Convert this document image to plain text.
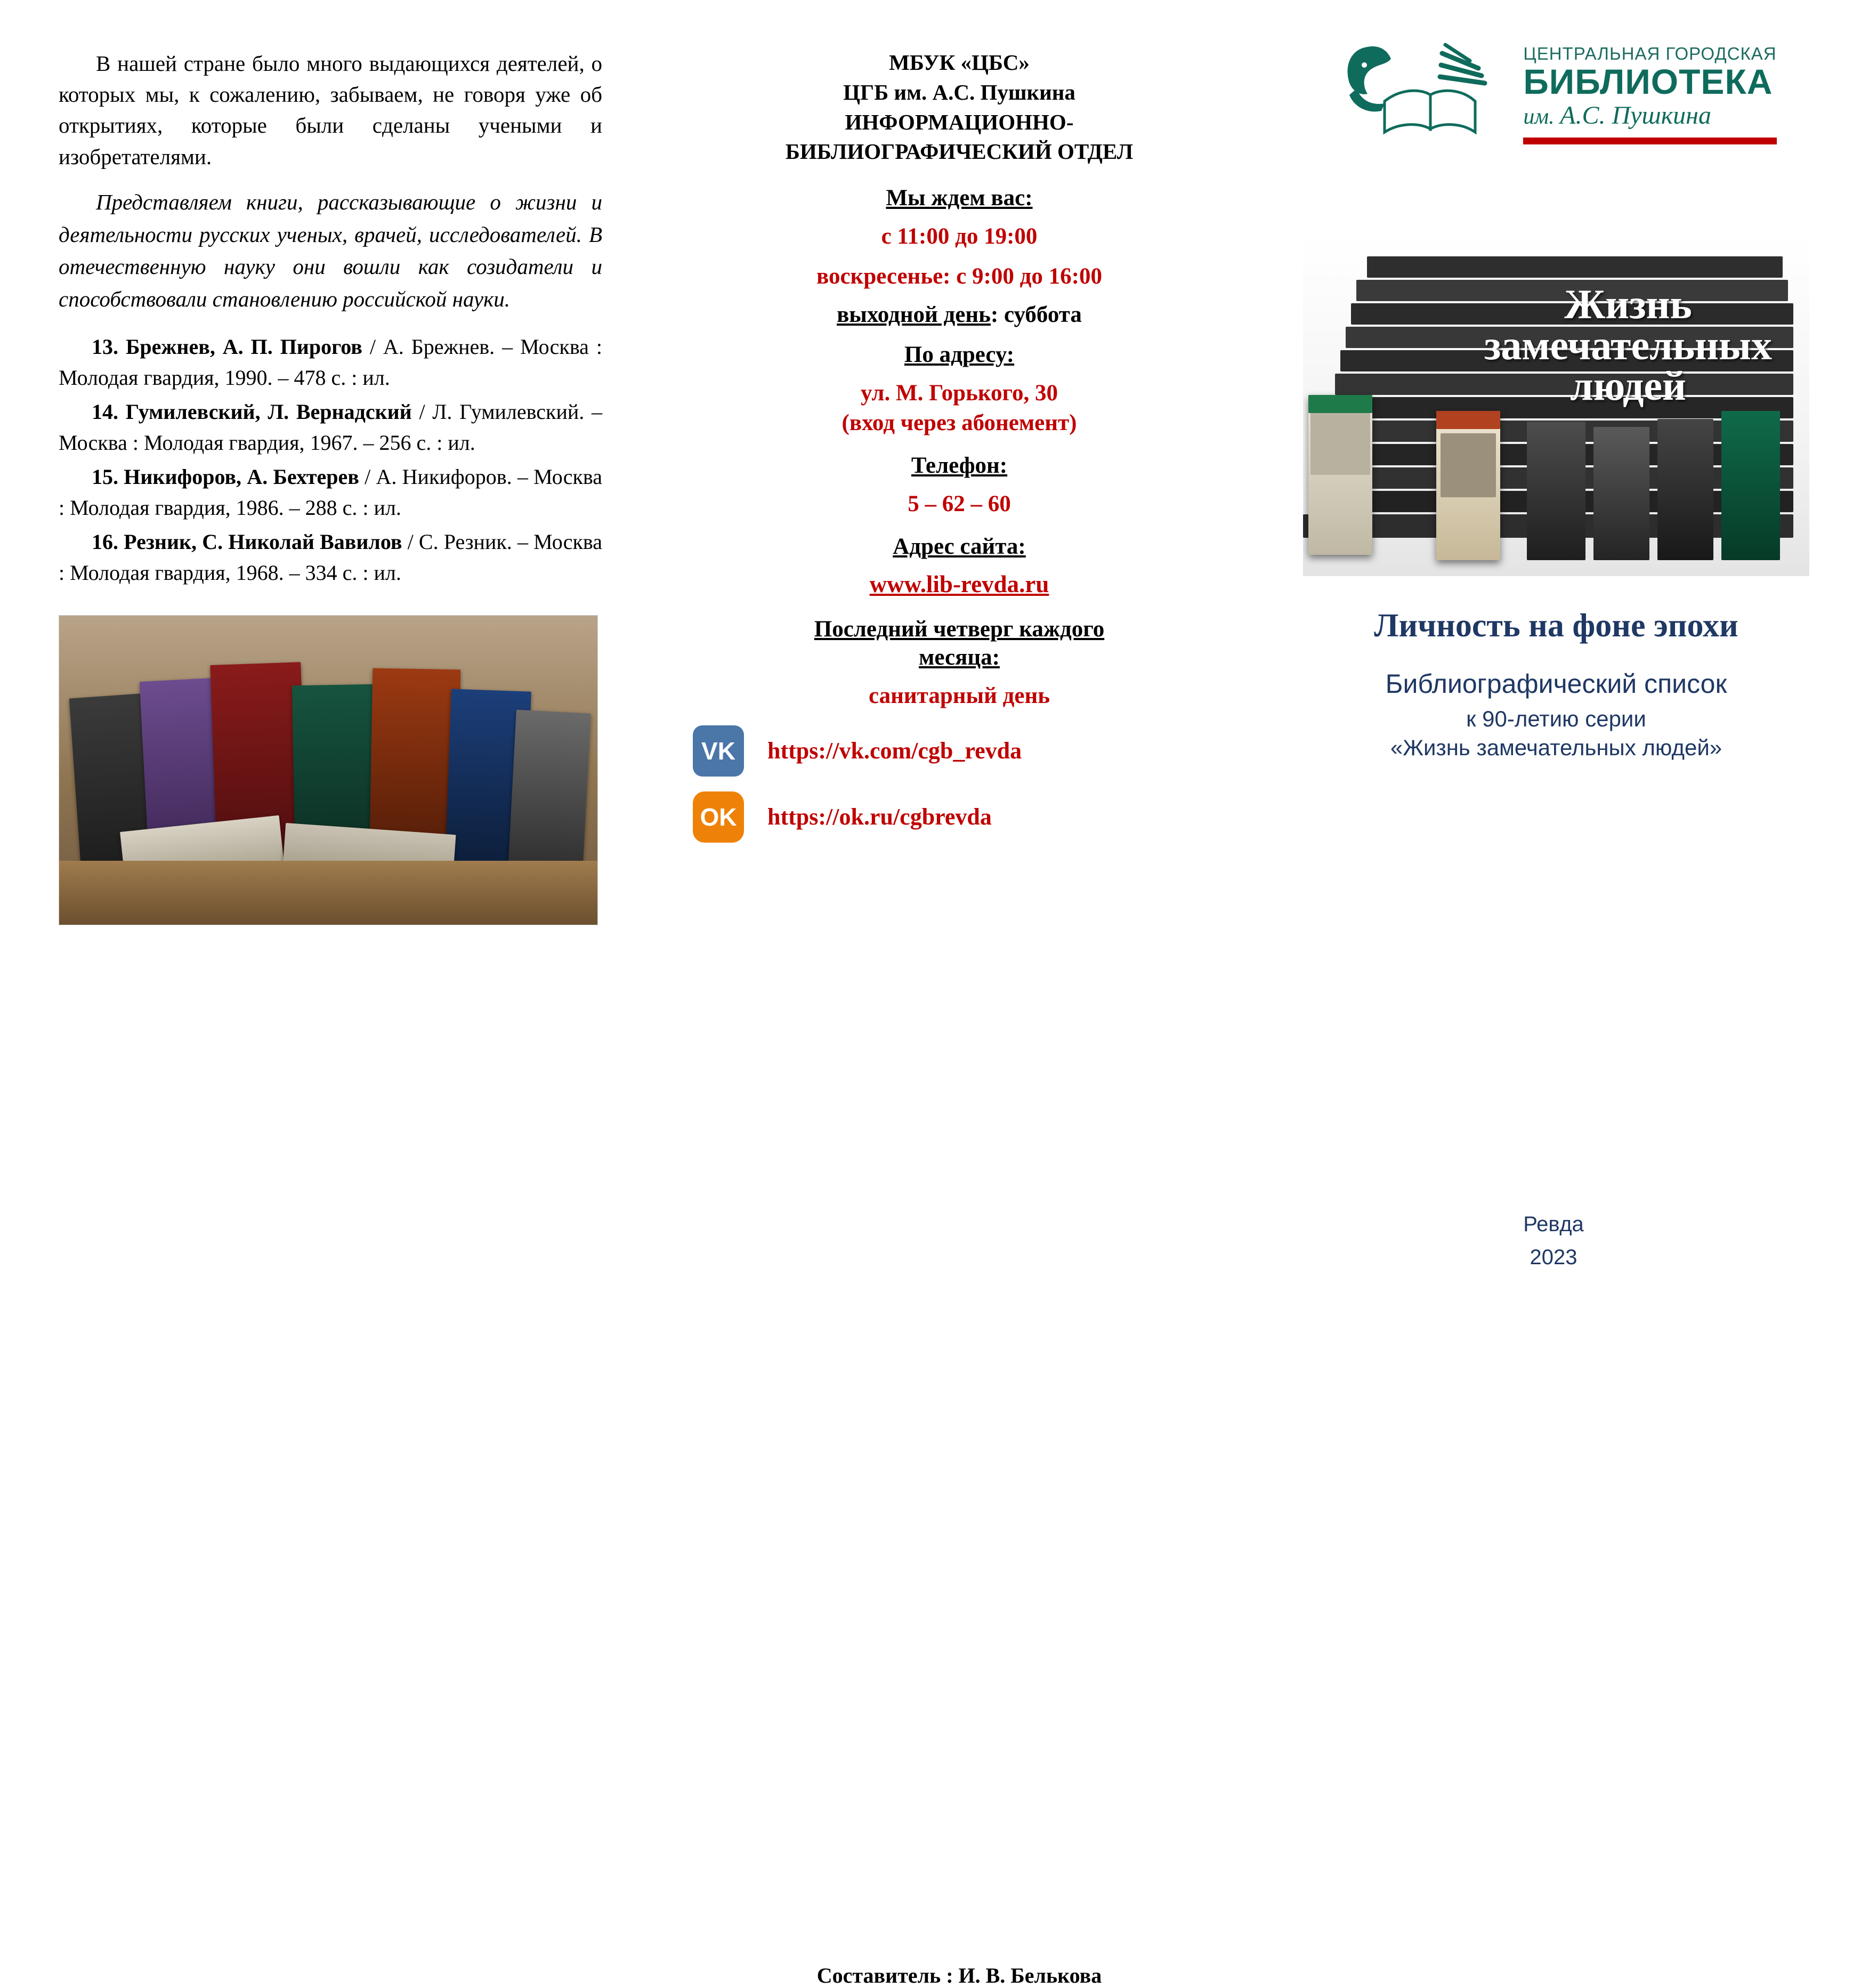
В нашей стране было много выдающихся деятелей, о которых мы, к сожалению, забываем, не говоря уже об открытиях, которые были сделаны учеными и изобретателями.

Представляем книги, рассказывающие о жизни и деятельности русских ученых, врачей, исследователей. В отечественную науку они вошли как созидатели и способствовали становлению российской науки.

13. Брежнев, А. П. Пирогов / А. Брежнев. – Москва : Молодая гвардия, 1990. – 478 с. : ил.

14. Гумилевский, Л. Вернадский / Л. Гумилевский. – Москва : Молодая гвардия, 1967. – 256 с. : ил.

15. Никифоров, А. Бехтерев / А. Никифоров. – Москва : Молодая гвардия, 1986. – 288 с. : ил.

16. Резник, С. Николай Вавилов / С. Резник. – Москва : Молодая гвардия, 1968. – 334 с. : ил.

МБУК «ЦБС»
ЦГБ им. А.С. Пушкина
ИНФОРМАЦИОННО-
БИБЛИОГРАФИЧЕСКИЙ ОТДЕЛ
Мы ждем вас:
с 11:00 до 19:00
воскресенье: с 9:00 до 16:00
выходной день: суббота
По адресу:
ул. М. Горького, 30
(вход через абонемент)
Телефон:
5 – 62 – 60
Адрес сайта:
www.lib-revda.ru
Последний четверг каждого
месяца:
санитарный день
VK	https://vk.com/cgb_revda
OK	https://ok.ru/cgbrevda
Составитель : И. В. Белькова
ЦЕНТРАЛЬНАЯ ГОРОДСКАЯ
БИБЛИОТЕКА
им. А.С. Пушкина
Жизнь
замечательных
людей
Личность на фоне эпохи
Библиографический список
к 90-летию серии
«Жизнь замечательных людей»
Ревда
2023
